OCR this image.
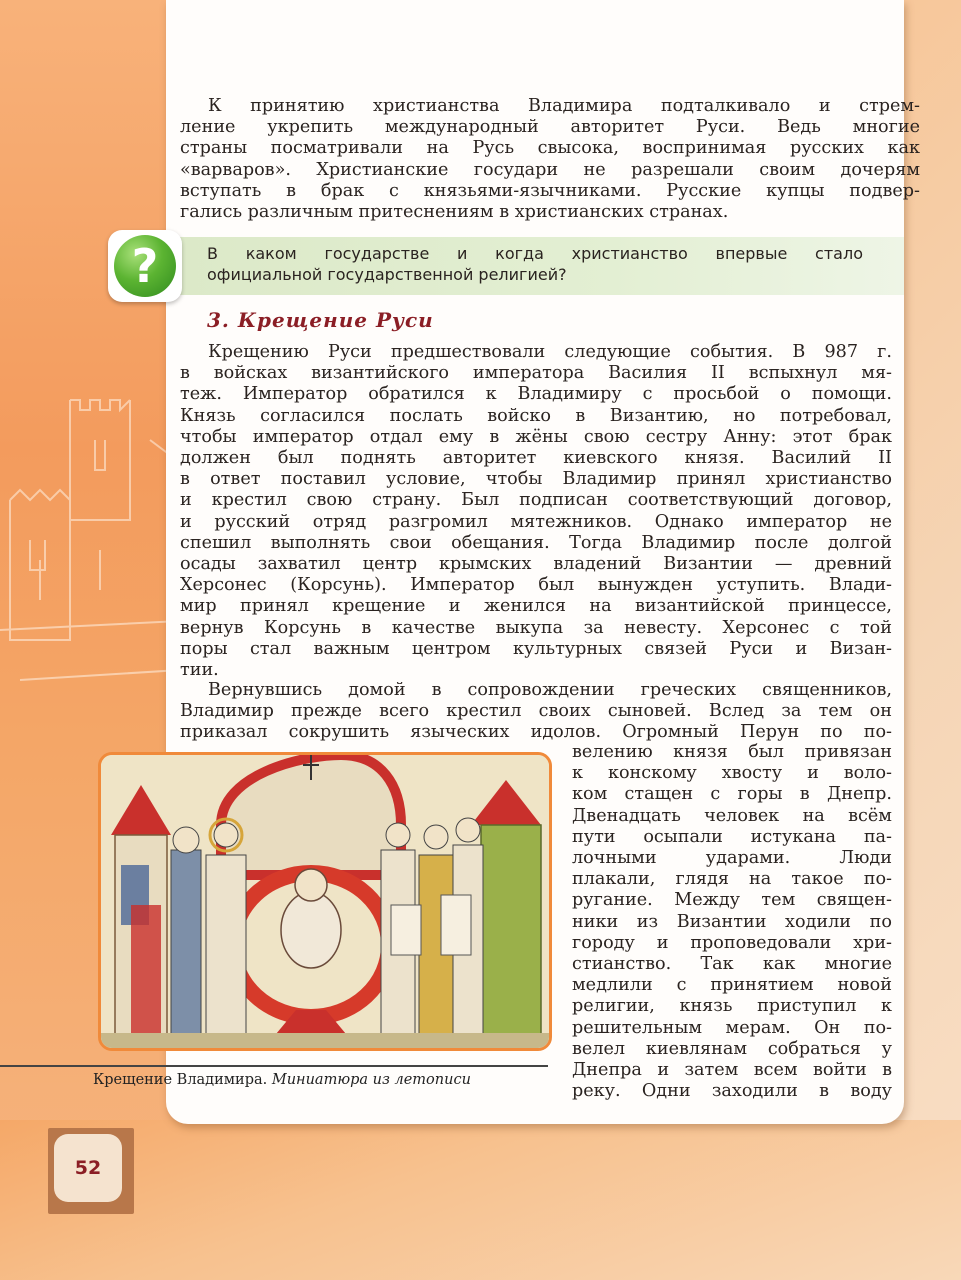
К принятию христианства Владимира подталкивало и стрем-
ление укрепить международный авторитет Руси. Ведь многие
страны посматривали на Русь свысока, воспринимая русских как
«варваров». Христианские государи не разрешали своим дочерям
вступать в брак с князьями-язычниками. Русские купцы подвер-
гались различным притеснениям в христианских странах.

?	В каком государстве и когда христианство впервые стало
официальной государственной религией?
3. Крещение Руси

Крещению Руси предшествовали следующие события. В 987 г.
в войсках византийского императора Василия II вспыхнул мя-
теж. Император обратился к Владимиру с просьбой о помощи.
Князь согласился послать войско в Византию, но потребовал,
чтобы император отдал ему в жёны свою сестру Анну: этот брак
должен был поднять авторитет киевского князя. Василий II
в ответ поставил условие, чтобы Владимир принял христианство
и крестил свою страну. Был подписан соответствующий договор,
и русский отряд разгромил мятежников. Однако император не
спешил выполнять свои обещания. Тогда Владимир после долгой
осады захватил центр крымских владений Византии — древний
Херсонес (Корсунь). Император был вынужден уступить. Влади-
мир принял крещение и женился на византийской принцессе,
вернув Корсунь в качестве выкупа за невесту. Херсонес с той
поры стал важным центром культурных связей Руси и Визан-
тии.

Вернувшись домой в сопровождении греческих священников,
Владимир прежде всего крестил своих сыновей. Вслед за тем он
приказал сокрушить языческих идолов. Огромный Перун по по-

Крещение Владимира. Миниатюра из летописи

велению князя был привязан
к конскому хвосту и воло-
ком стащен с горы в Днепр.
Двенадцать человек на всём
пути осыпали истукана па-
лочными ударами. Люди
плакали, глядя на такое по-
ругание. Между тем священ-
ники из Византии ходили по
городу и проповедовали хри-
стианство. Так как многие
медлили с принятием новой
религии, князь приступил к
решительным мерам. Он по-
велел киевлянам собраться у
Днепра и затем всем войти в
реку. Одни заходили в воду

52
